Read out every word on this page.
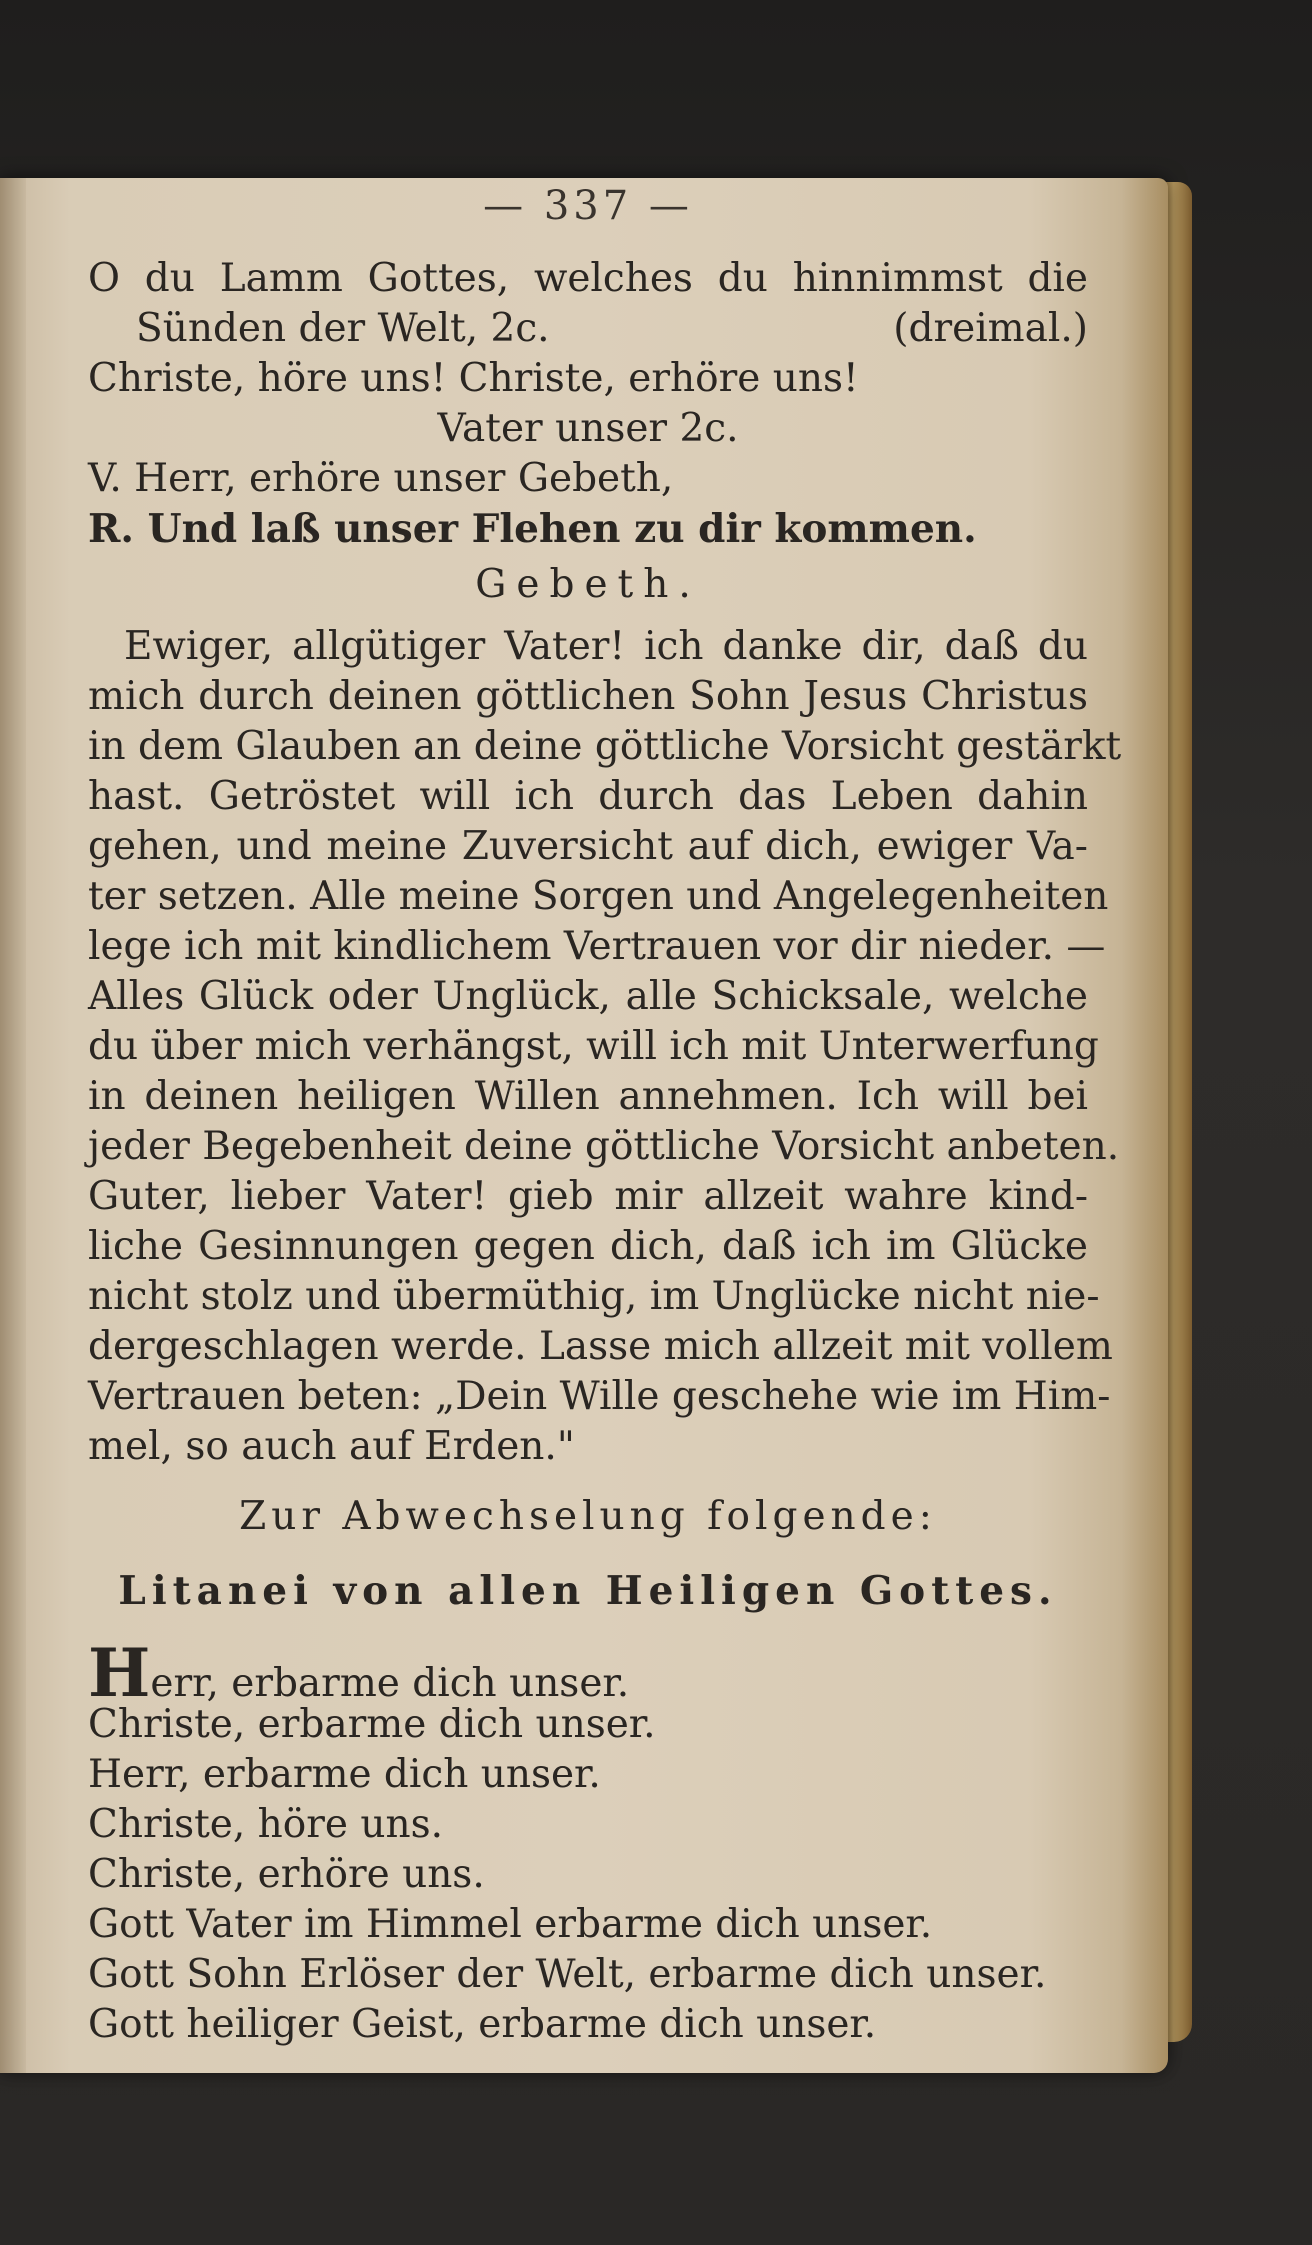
— 337 —
O du Lamm Gottes, welches du hinnimmst die
Sünden der Welt, 2c.	(dreimal.)
Christe, höre uns! Christe, erhöre uns!
Vater unser 2c.
V. Herr, erhöre unser Gebeth,
R. Und laß unser Flehen zu dir kommen.
Gebeth.
Ewiger, allgütiger Vater! ich danke dir, daß du
mich durch deinen göttlichen Sohn Jesus Christus
in dem Glauben an deine göttliche Vorsicht gestärkt
hast. Getröstet will ich durch das Leben dahin
gehen, und meine Zuversicht auf dich, ewiger Va-
ter setzen. Alle meine Sorgen und Angelegenheiten
lege ich mit kindlichem Vertrauen vor dir nieder. —
Alles Glück oder Unglück, alle Schicksale, welche
du über mich verhängst, will ich mit Unterwerfung
in deinen heiligen Willen annehmen. Ich will bei
jeder Begebenheit deine göttliche Vorsicht anbeten.
Guter, lieber Vater! gieb mir allzeit wahre kind-
liche Gesinnungen gegen dich, daß ich im Glücke
nicht stolz und übermüthig, im Unglücke nicht nie-
dergeschlagen werde. Lasse mich allzeit mit vollem
Vertrauen beten: „Dein Wille geschehe wie im Him-
mel, so auch auf Erden."
Zur Abwechselung folgende:
Litanei von allen Heiligen Gottes.
Herr, erbarme dich unser.
Christe, erbarme dich unser.
Herr, erbarme dich unser.
Christe, höre uns.
Christe, erhöre uns.
Gott Vater im Himmel erbarme dich unser.
Gott Sohn Erlöser der Welt, erbarme dich unser.
Gott heiliger Geist, erbarme dich unser.
